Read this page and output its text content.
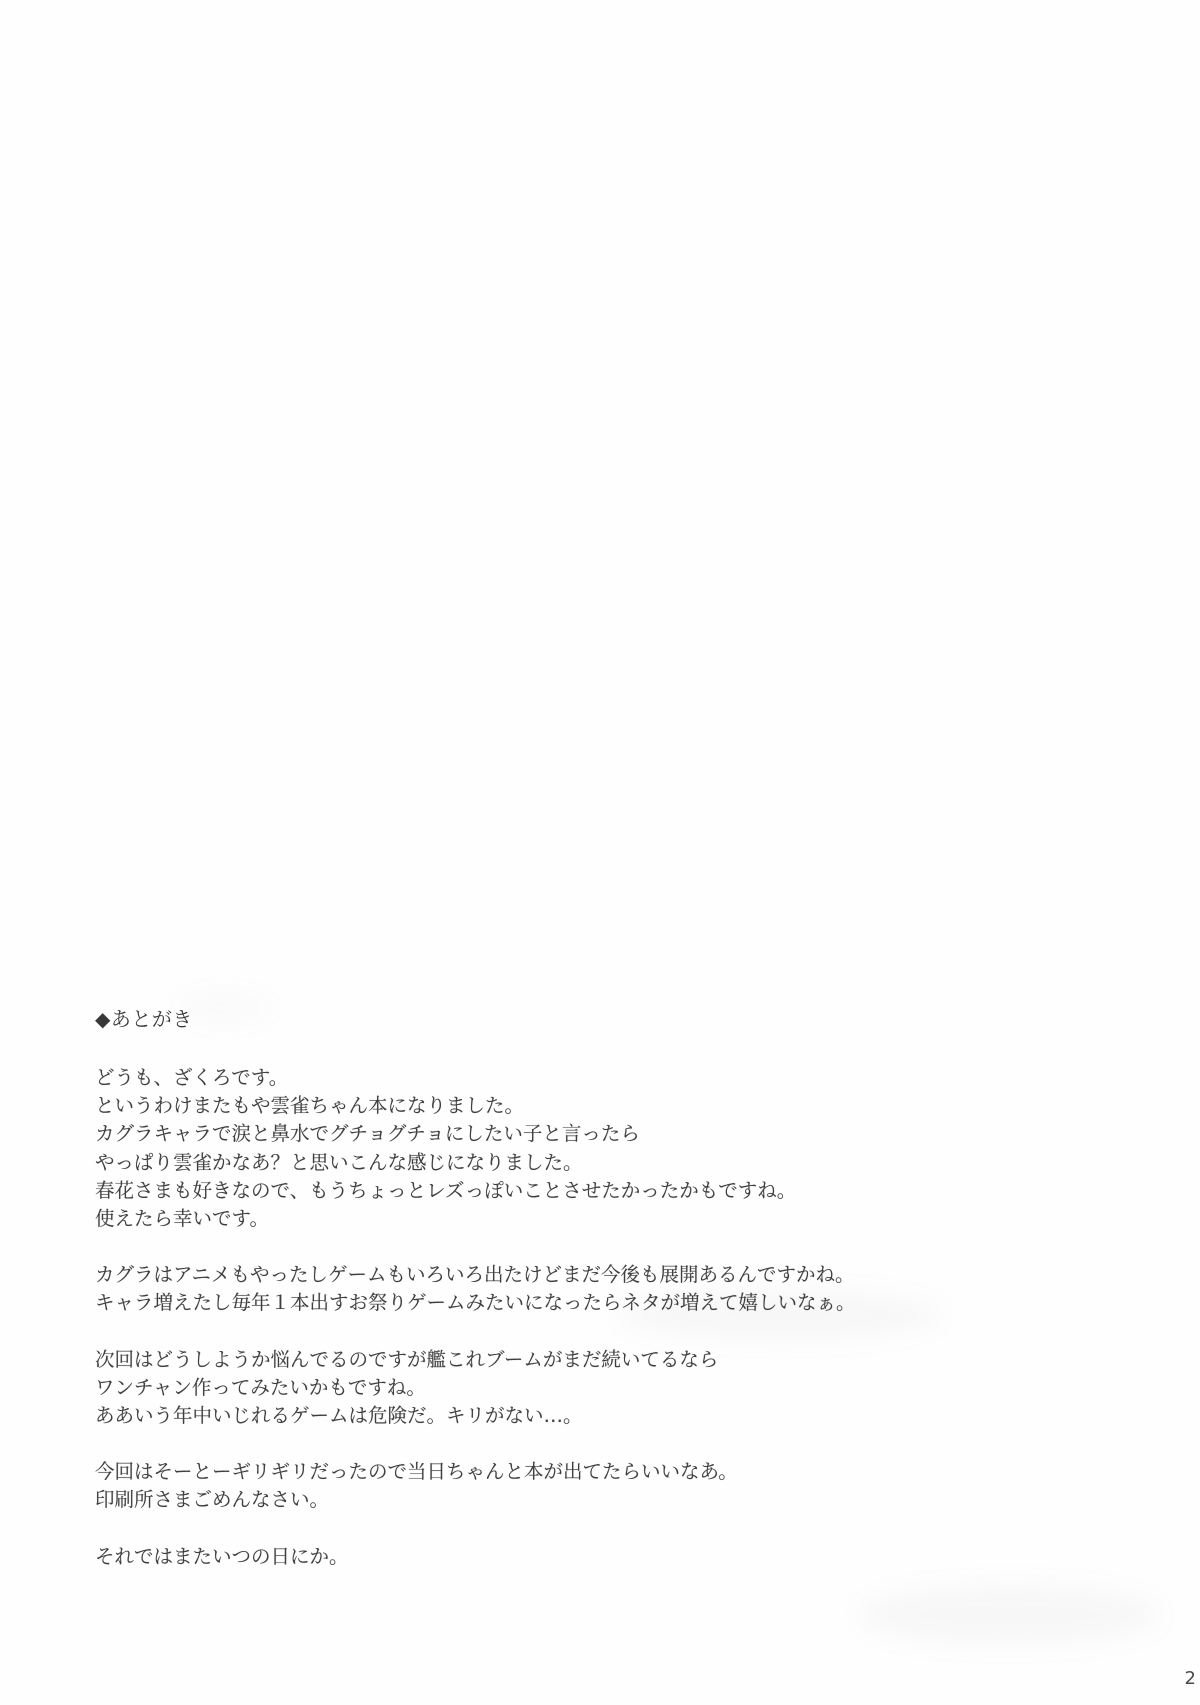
◆あとがき

どうも、ざくろです。
というわけまたもや雲雀ちゃん本になりました。
カグラキャラで涙と鼻水でグチョグチョにしたい子と言ったら
やっぱり雲雀かなあ？と思いこんな感じになりました。
春花さまも好きなので、もうちょっとレズっぽいことさせたかったかもですね。
使えたら幸いです。

カグラはアニメもやったしゲームもいろいろ出たけどまだ今後も展開あるんですかね。
キャラ増えたし毎年１本出すお祭りゲームみたいになったらネタが増えて嬉しいなぁ。

次回はどうしようか悩んでるのですが艦これブームがまだ続いてるなら
ワンチャン作ってみたいかもですね。
ああいう年中いじれるゲームは危険だ。キリがない…。

今回はそーとーギリギリだったので当日ちゃんと本が出てたらいいなあ。
印刷所さまごめんなさい。

それではまたいつの日にか。

2
